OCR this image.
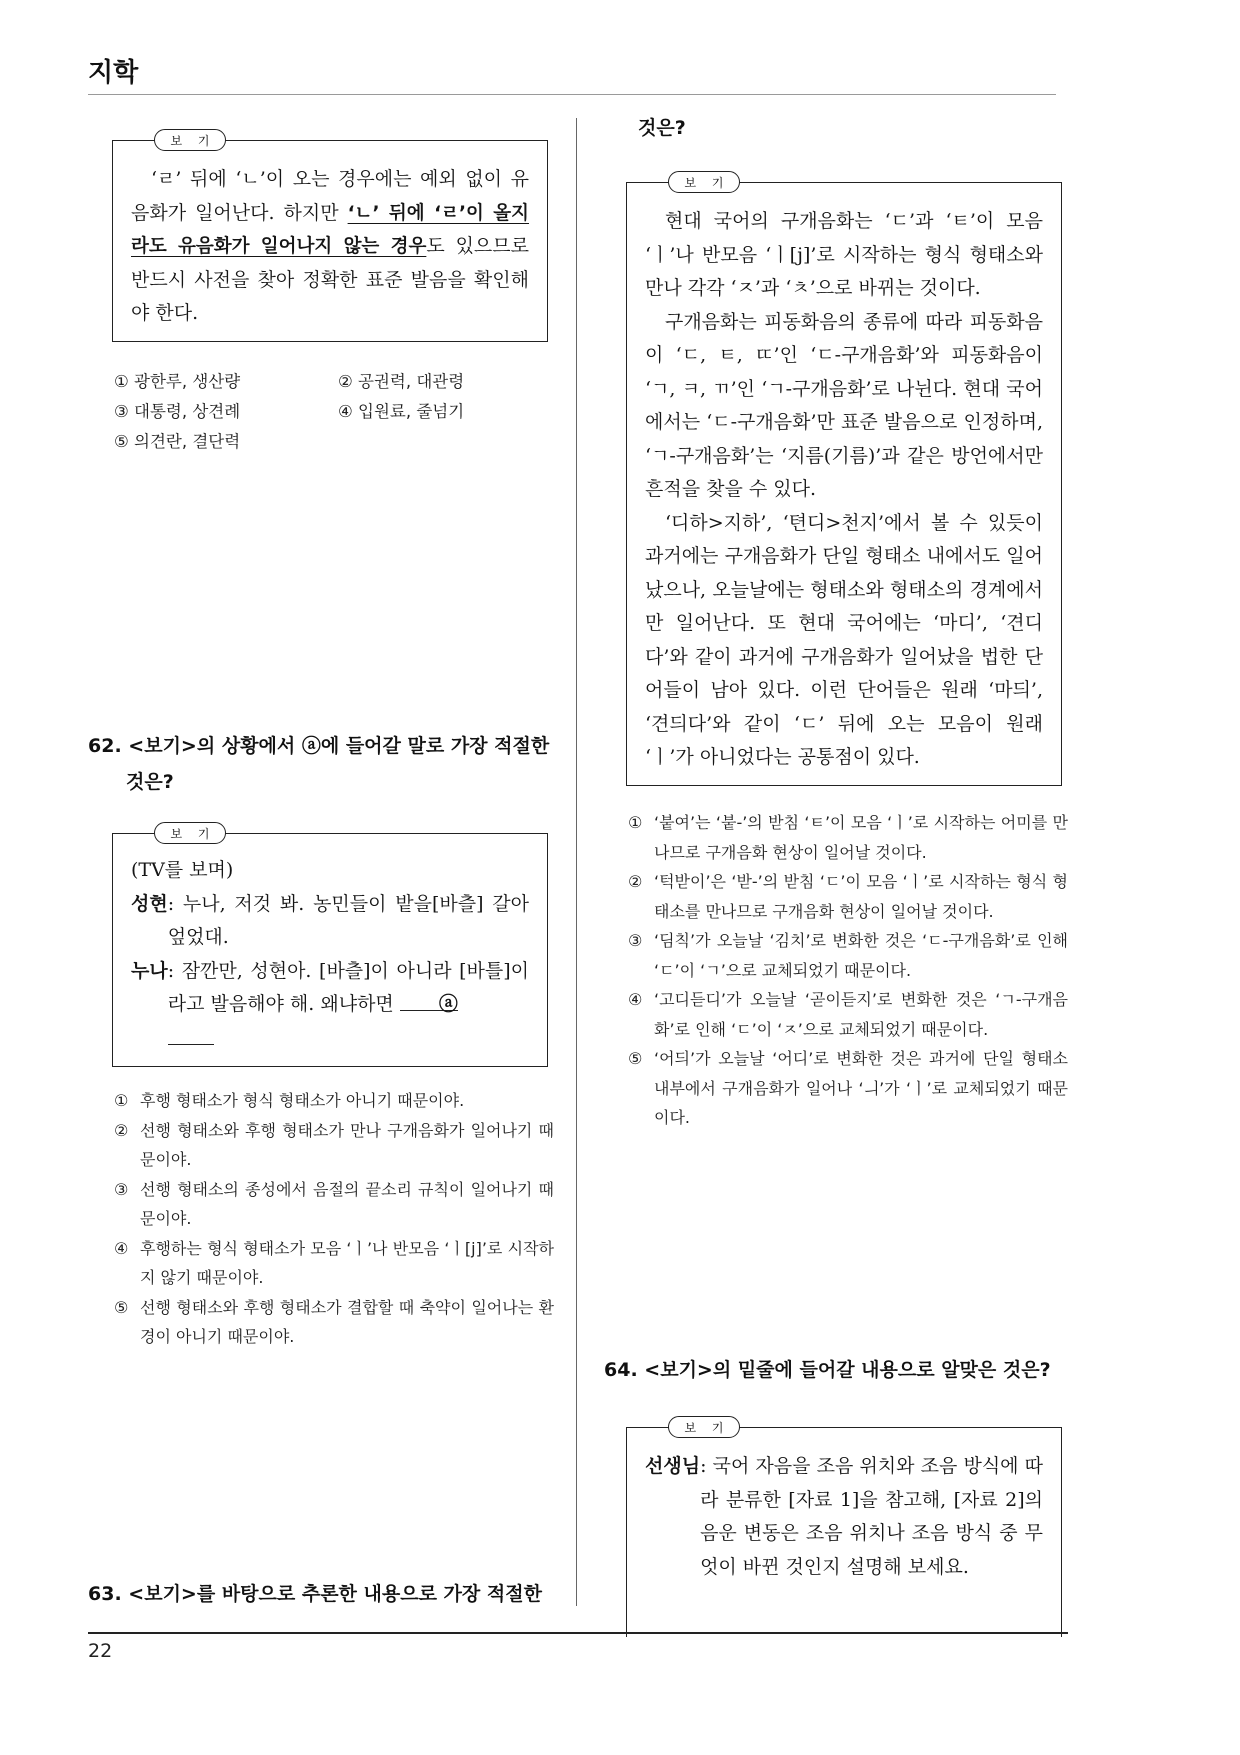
지학

‘ㄹ’ 뒤에 ‘ㄴ’이 오는 경우에는 예외 없이 유음화가 일어난다. 하지만 ‘ㄴ’ 뒤에 ‘ㄹ’이 올지라도 유음화가 일어나지 않는 경우도 있으므로 반드시 사전을 찾아 정확한 표준 발음을 확인해야 한다.

보 기
① 광한루, 생산량	② 공권력, 대관령
③ 대통령, 상견례	④ 입원료, 줄넘기
⑤ 의견란, 결단력
62. <보기>의 상황에서 ⓐ에 들어갈 말로 가장 적절한
것은?
(TV를 보며)
성현 : 누나, 저것 봐. 농민들이 밭을[바츨] 갈아 엎었대.
누나 : 잠깐만, 성현아. [바츨]이 아니라 [바틀]이라고 발음해야 해. 왜냐하면 ⓐ

보 기
① 후행 형태소가 형식 형태소가 아니기 때문이야.
② 선행 형태소와 후행 형태소가 만나 구개음화가 일어나기 때문이야.
③ 선행 형태소의 종성에서 음절의 끝소리 규칙이 일어나기 때문이야.
④ 후행하는 형식 형태소가 모음 ‘ㅣ’나 반모음 ‘ㅣ[j]’로 시작하지 않기 때문이야.
⑤ 선행 형태소와 후행 형태소가 결합할 때 축약이 일어나는 환경이 아니기 때문이야.
63. <보기>를 바탕으로 추론한 내용으로 가장 적절한
것은?

현대 국어의 구개음화는 ‘ㄷ’과 ‘ㅌ’이 모음 ‘ㅣ’나 반모음 ‘ㅣ[j]’로 시작하는 형식 형태소와 만나 각각 ‘ㅈ’과 ‘ㅊ’으로 바뀌는 것이다.

구개음화는 피동화음의 종류에 따라 피동화음이 ‘ㄷ, ㅌ, ㄸ’인 ‘ㄷ-구개음화’와 피동화음이 ‘ㄱ, ㅋ, ㄲ’인 ‘ㄱ-구개음화’로 나뉜다. 현대 국어에서는 ‘ㄷ-구개음화’만 표준 발음으로 인정하며, ‘ㄱ-구개음화’는 ‘지름(기름)’과 같은 방언에서만 흔적을 찾을 수 있다.

‘디하>지하’, ‘텬디>천지’에서 볼 수 있듯이 과거에는 구개음화가 단일 형태소 내에서도 일어났으나, 오늘날에는 형태소와 형태소의 경계에서만 일어난다. 또 현대 국어에는 ‘마디’, ‘견디다’와 같이 과거에 구개음화가 일어났을 법한 단어들이 남아 있다. 이런 단어들은 원래 ‘마듸’, ‘견듸다’와 같이 ‘ㄷ’ 뒤에 오는 모음이 원래 ‘ㅣ’가 아니었다는 공통점이 있다.

보 기
① ‘붙여’는 ‘붙-’의 받침 ‘ㅌ’이 모음 ‘ㅣ’로 시작하는 어미를 만나므로 구개음화 현상이 일어날 것이다.
② ‘턱받이’은 ‘받-’의 받침 ‘ㄷ’이 모음 ‘ㅣ’로 시작하는 형식 형태소를 만나므로 구개음화 현상이 일어날 것이다.
③ ‘딤칙’가 오늘날 ‘김치’로 변화한 것은 ‘ㄷ-구개음화’로 인해 ‘ㄷ’이 ‘ㄱ’으로 교체되었기 때문이다.
④ ‘고디듣디’가 오늘날 ‘곧이듣지’로 변화한 것은 ‘ㄱ-구개음화’로 인해 ‘ㄷ’이 ‘ㅈ’으로 교체되었기 때문이다.
⑤ ‘어듸’가 오늘날 ‘어디’로 변화한 것은 과거에 단일 형태소 내부에서 구개음화가 일어나 ‘ㅢ’가 ‘ㅣ’로 교체되었기 때문이다.
64. <보기>의 밑줄에 들어갈 내용으로 알맞은 것은?
선생님 : 국어 자음을 조음 위치와 조음 방식에 따라 분류한 [자료 1]을 참고해, [자료 2]의 음운 변동은 조음 위치나 조음 방식 중 무엇이 바뀐 것인지 설명해 보세요.
보 기
22
